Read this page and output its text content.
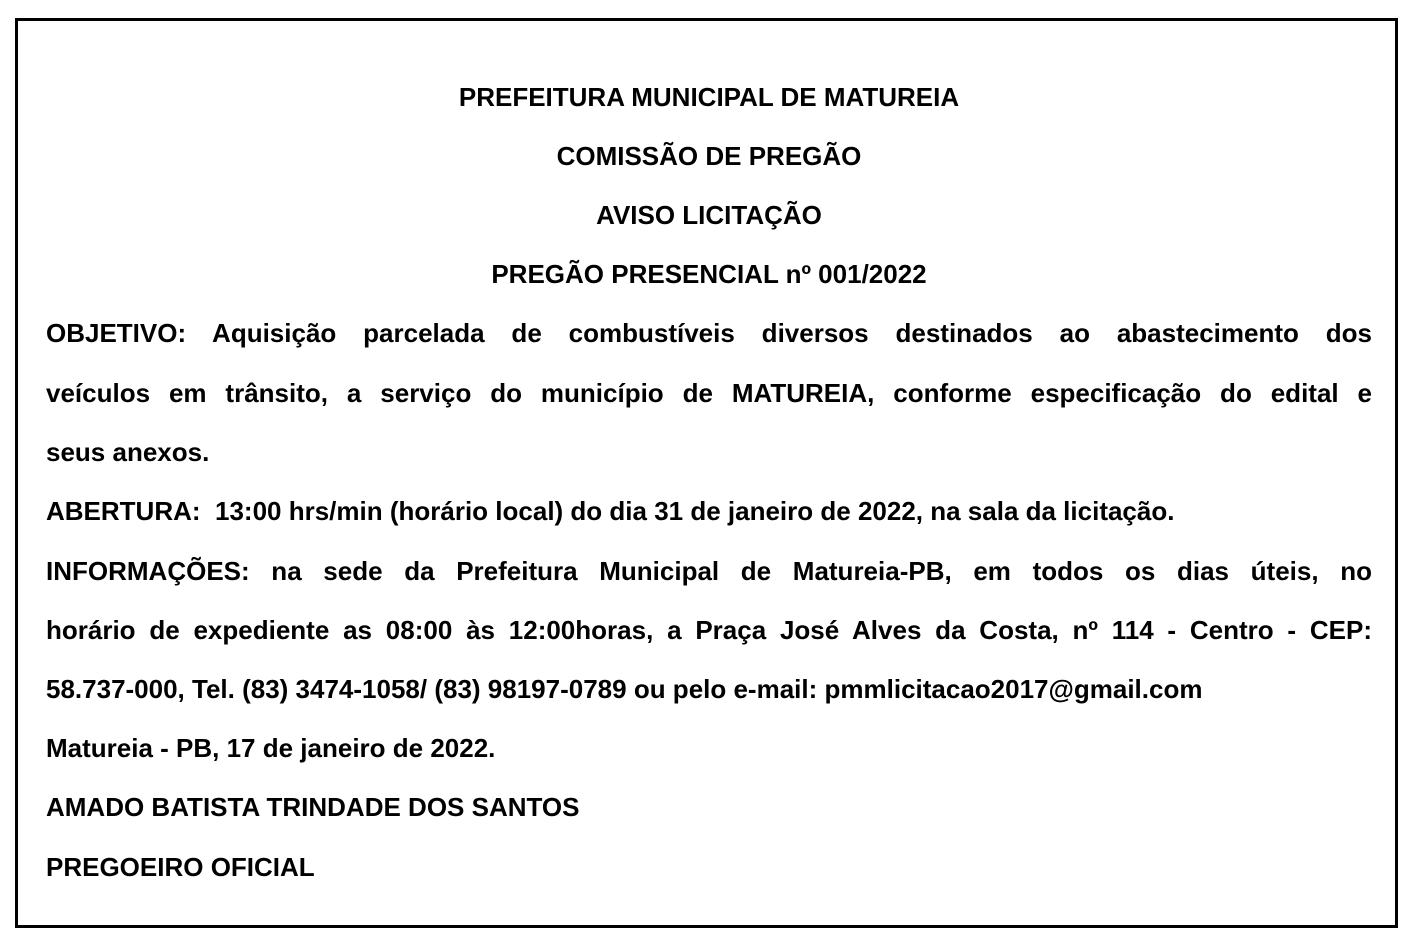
PREFEITURA MUNICIPAL DE MATUREIA
COMISSÃO DE PREGÃO
AVISO LICITAÇÃO
PREGÃO PRESENCIAL nº 001/2022
OBJETIVO: Aquisição parcelada de combustíveis diversos destinados ao abastecimento dos
veículos em trânsito, a serviço do município de MATUREIA, conforme especificação do edital e
seus anexos.
ABERTURA:  13:00 hrs/min (horário local) do dia 31 de janeiro de 2022, na sala da licitação.
INFORMAÇÕES: na sede da Prefeitura Municipal de Matureia-PB, em todos os dias úteis, no
horário de expediente as 08:00 às 12:00horas, a Praça José Alves da Costa, nº 114 - Centro - CEP:
58.737-000, Tel. (83) 3474-1058/ (83) 98197-0789 ou pelo e-mail: pmmlicitacao2017@gmail.com
Matureia - PB, 17 de janeiro de 2022.
AMADO BATISTA TRINDADE DOS SANTOS
PREGOEIRO OFICIAL
